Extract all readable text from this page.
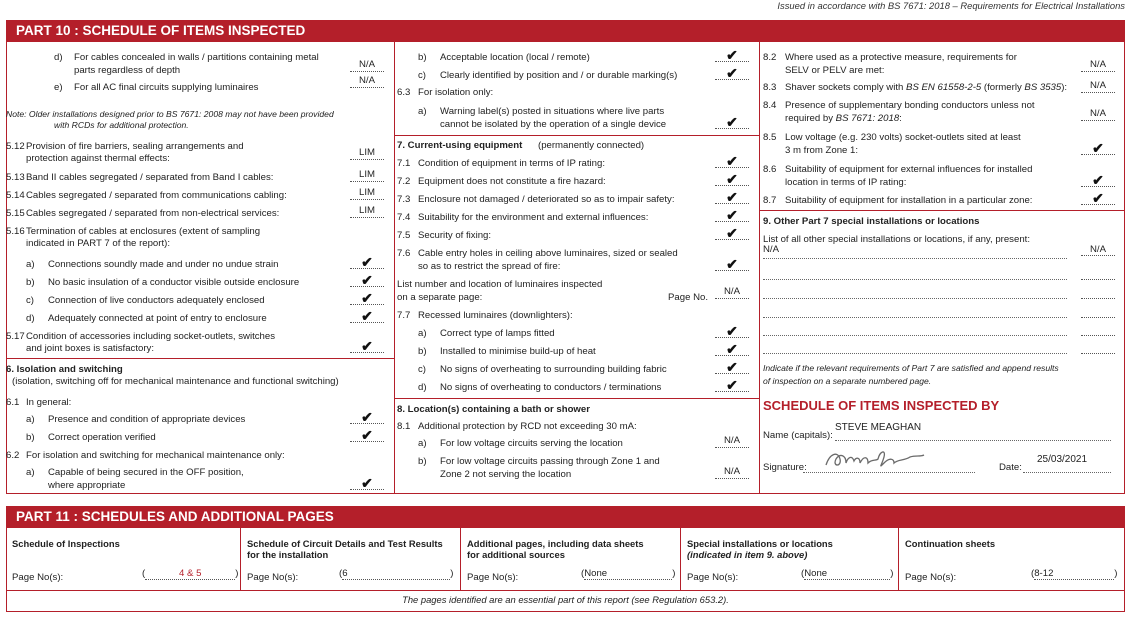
Issued in accordance with BS 7671: 2018 – Requirements for Electrical Installations
PART 10 : SCHEDULE OF ITEMS INSPECTED
d) For cables concealed in walls / partitions containing metal
parts regardless of depth
N/A
e) For all AC final circuits supplying luminaires
N/A
Note: Older installations designed prior to BS 7671: 2008 may not have been provided
with RCDs for additional protection.
5.12 Provision of fire barriers, sealing arrangements and
protection against thermal effects:
LIM
5.13 Band II cables segregated / separated from Band I cables:	LIM
5.14 Cables segregated / separated from communications cabling:	LIM
5.15 Cables segregated / separated from non-electrical services:	LIM
5.16 Termination of cables at enclosures (extent of sampling
indicated in PART 7 of the report):
a) Connections soundly made and under no undue strain	✔
b) No basic insulation of a conductor visible outside enclosure	✔
c) Connection of live conductors adequately enclosed	✔
d) Adequately connected at point of entry to enclosure	✔
5.17 Condition of accessories including socket-outlets, switches
and joint boxes is satisfactory:	✔
6. Isolation and switching
(isolation, switching off for mechanical maintenance and functional switching)
6.1 In general:
a) Presence and condition of appropriate devices	✔
b) Correct operation verified	✔
6.2 For isolation and switching for mechanical maintenance only:
a) Capable of being secured in the OFF position,
where appropriate	✔
b) Acceptable location (local / remote)	✔
c) Clearly identified by position and / or durable marking(s)	✔
6.3 For isolation only:
a) Warning label(s) posted in situations where live parts
cannot be isolated by the operation of a single device	✔
7. Current-using equipment (permanently connected)
7.1 Condition of equipment in terms of IP rating:	✔
7.2 Equipment does not constitute a fire hazard:	✔
7.3 Enclosure not damaged / deteriorated so as to impair safety:	✔
7.4 Suitability for the environment and external influences:	✔
7.5 Security of fixing:	✔
7.6 Cable entry holes in ceiling above luminaires, sized or sealed
so as to restrict the spread of fire:	✔
List number and location of luminaires inspected
on a separate page:	Page No.
N/A
7.7 Recessed luminaires (downlighters):
a) Correct type of lamps fitted	✔
b) Installed to minimise build-up of heat	✔
c) No signs of overheating to surrounding building fabric	✔
d) No signs of overheating to conductors / terminations	✔
8. Location(s) containing a bath or shower
8.1 Additional protection by RCD not exceeding 30 mA:
a) For low voltage circuits serving the location	N/A
b) For low voltage circuits passing through Zone 1 and
Zone 2 not serving the location	N/A
8.2 Where used as a protective measure, requirements for
SELV or PELV are met:
N/A
8.3 Shaver sockets comply with BS EN 61558-2-5 (formerly BS 3535):	N/A
8.4 Presence of supplementary bonding conductors unless not
required by BS 7671: 2018:	N/A
8.5 Low voltage (e.g. 230 volts) socket-outlets sited at least
3 m from Zone 1:	✔
8.6 Suitability of equipment for external influences for installed
location in terms of IP rating:	✔
8.7 Suitability of equipment for installation in a particular zone:	✔
9. Other Part 7 special installations or locations
List of all other special installations or locations, if any, present:
N/A	N/A

Indicate if the relevant requirements of Part 7 are satisfied and append results
of inspection on a separate numbered page.
SCHEDULE OF ITEMS INSPECTED BY
Name (capitals):
STEVE MEAGHAN
Signature:	Date:
25/03/2021
PART 11 : SCHEDULES AND ADDITIONAL PAGES
Schedule of Inspections

Page No(s):	(	4 & 5	)
Schedule of Circuit Details and Test Results
for the installation
Page No(s):	(6	)
Additional pages, including data sheets
for additional sources
Page No(s):	(None	)
Special installations or locations
(indicated in item 9. above)
Page No(s):	(None	)
Continuation sheets

Page No(s):	(8-12	)
The pages identified are an essential part of this report (see Regulation 653.2).
